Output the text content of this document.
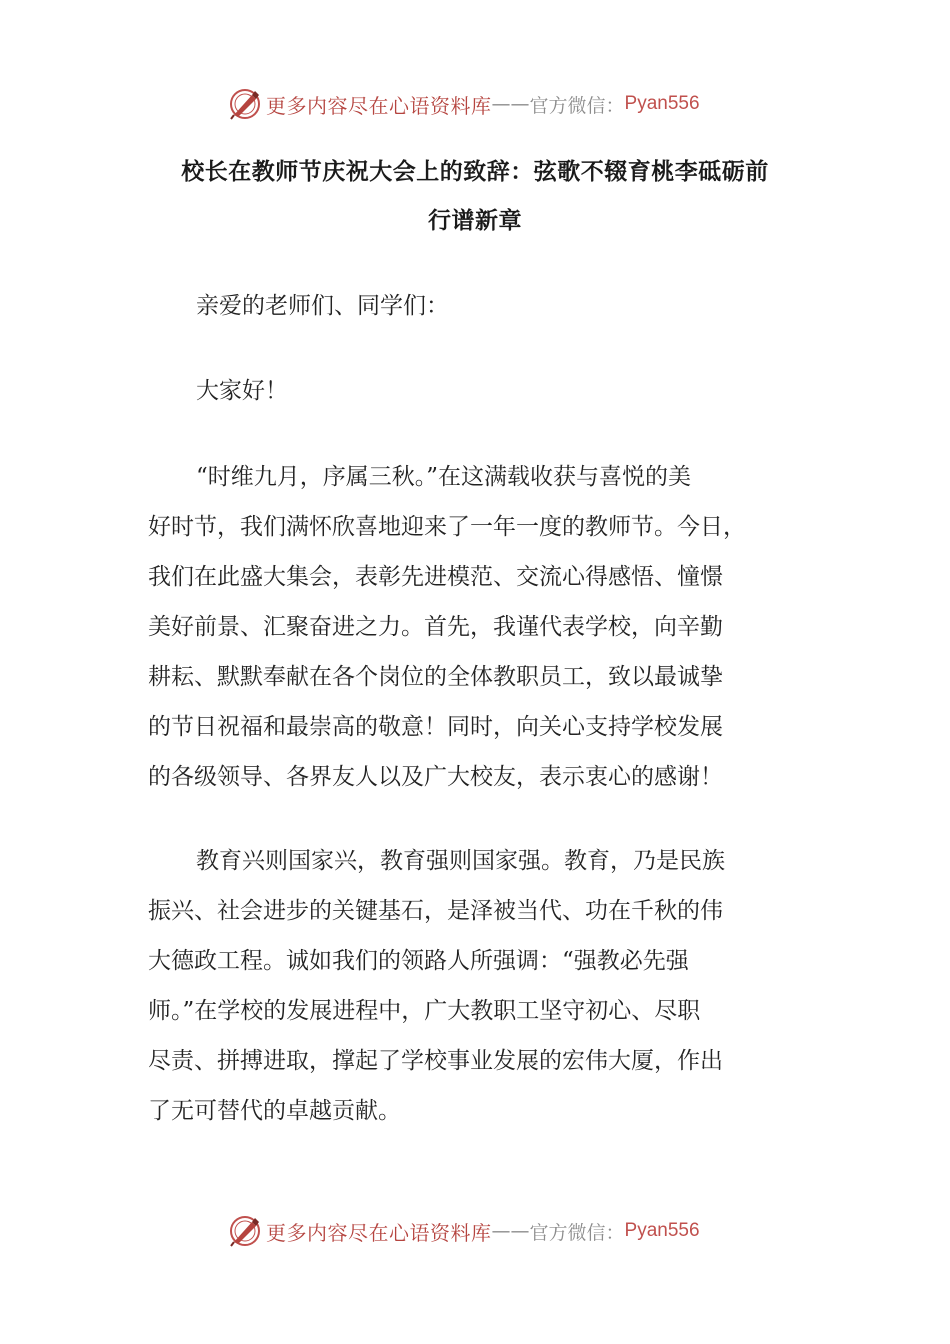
更多内容尽在心语资料库 —— 官方微信： Pyan556
校长在教师节庆祝大会上的致辞：弦歌不辍育桃李砥砺前
行谱新章

亲爱的老师们、同学们：

大家好！

“时维九月，序属三秋。”在这满载收获与喜悦的美
好时节，我们满怀欣喜地迎来了一年一度的教师节。今日，
我们在此盛大集会，表彰先进模范、交流心得感悟、憧憬
美好前景、汇聚奋进之力。首先，我谨代表学校，向辛勤
耕耘、默默奉献在各个岗位的全体教职员工，致以最诚挚
的节日祝福和最崇高的敬意！同时，向关心支持学校发展
的各级领导、各界友人以及广大校友，表示衷心的感谢！

教育兴则国家兴，教育强则国家强。教育，乃是民族
振兴、社会进步的关键基石，是泽被当代、功在千秋的伟
大德政工程。诚如我们的领路人所强调：“强教必先强
师。”在学校的发展进程中，广大教职工坚守初心、尽职
尽责、拼搏进取，撑起了学校事业发展的宏伟大厦，作出
了无可替代的卓越贡献。

更多内容尽在心语资料库 —— 官方微信： Pyan556
